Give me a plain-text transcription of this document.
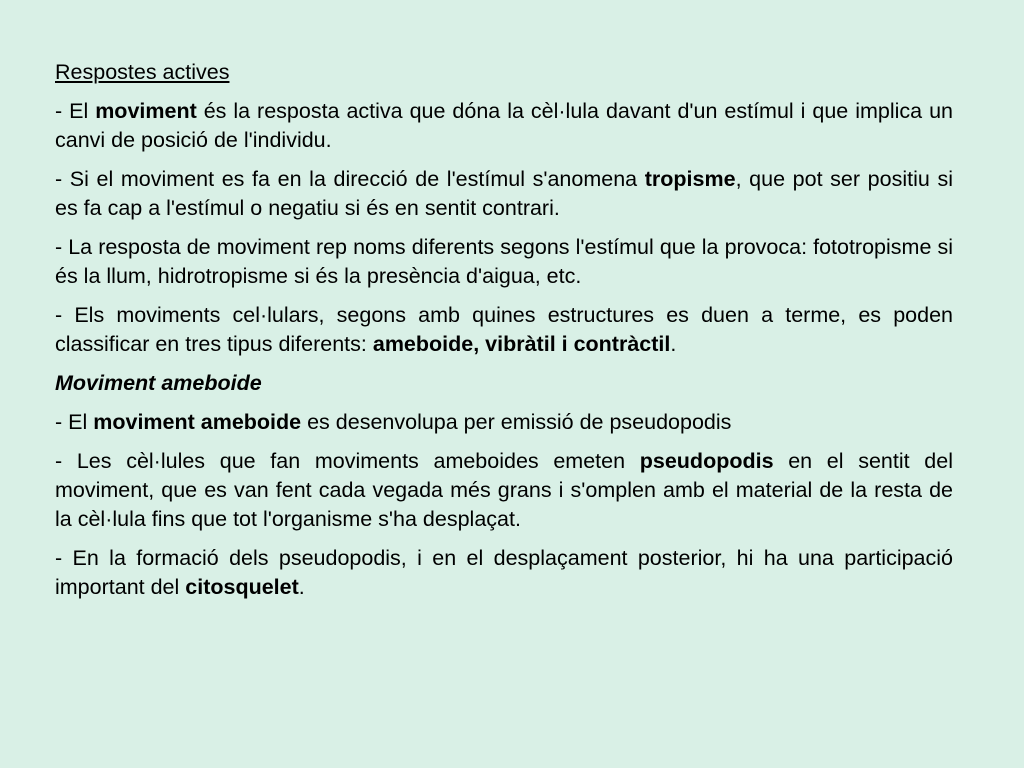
Respostes actives

- El moviment és la resposta activa que dóna la cèl·lula davant d'un estímul i que implica un canvi de posició de l'individu.

- Si el moviment es fa en la direcció de l'estímul s'anomena tropisme, que pot ser positiu si es fa cap a l'estímul o negatiu si és en sentit contrari.

- La resposta de moviment rep noms diferents segons l'estímul que la provoca: fototropisme si és la llum, hidrotropisme si és la presència d'aigua, etc.

- Els moviments cel·lulars, segons amb quines estructures es duen a terme, es poden classificar en tres tipus diferents: ameboide, vibràtil i contràctil.

Moviment ameboide

- El moviment ameboide es desenvolupa per emissió de pseudopodis

- Les cèl·lules que fan moviments ameboides emeten pseudopodis en el sentit del moviment, que es van fent cada vegada més grans i s'omplen amb el material de la resta de la cèl·lula fins que tot l'organisme s'ha desplaçat.

- En la formació dels pseudopodis, i en el desplaçament posterior, hi ha una participació important del citosquelet.
